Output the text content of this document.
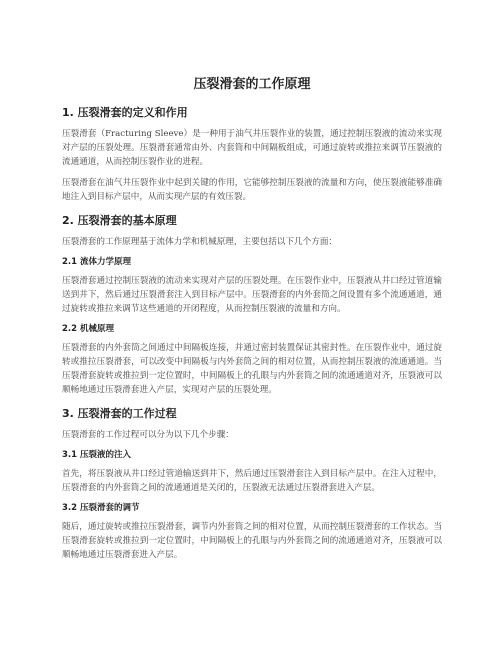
压裂滑套的工作原理
1. 压裂滑套的定义和作用

压裂滑套（Fracturing Sleeve）是一种用于油气井压裂作业的装置，通过控制压裂液的流动来实现对产层的压裂处理。压裂滑套通常由外、内套筒和中间隔板组成，可通过旋转或推拉来调节压裂液的流通通道，从而控制压裂作业的进程。

压裂滑套在油气井压裂作业中起到关键的作用，它能够控制压裂液的流量和方向，使压裂液能够准确地注入到目标产层中，从而实现产层的有效压裂。

2. 压裂滑套的基本原理

压裂滑套的工作原理基于流体力学和机械原理，主要包括以下几个方面：

2.1 流体力学原理

压裂滑套通过控制压裂液的流动来实现对产层的压裂处理。在压裂作业中，压裂液从井口经过管道输送到井下，然后通过压裂滑套注入到目标产层中。压裂滑套的内外套筒之间设置有多个流通通道，通过旋转或推拉来调节这些通道的开闭程度，从而控制压裂液的流量和方向。

2.2 机械原理

压裂滑套的内外套筒之间通过中间隔板连接，并通过密封装置保证其密封性。在压裂作业中，通过旋转或推拉压裂滑套，可以改变中间隔板与内外套筒之间的相对位置，从而控制压裂液的流通通道。当压裂滑套旋转或推拉到一定位置时，中间隔板上的孔眼与内外套筒之间的流通通道对齐，压裂液可以顺畅地通过压裂滑套进入产层，实现对产层的压裂处理。

3. 压裂滑套的工作过程

压裂滑套的工作过程可以分为以下几个步骤：

3.1 压裂液的注入

首先，将压裂液从井口经过管道输送到井下，然后通过压裂滑套注入到目标产层中。在注入过程中，压裂滑套的内外套筒之间的流通通道是关闭的，压裂液无法通过压裂滑套进入产层。

3.2 压裂滑套的调节

随后，通过旋转或推拉压裂滑套，调节内外套筒之间的相对位置，从而控制压裂滑套的工作状态。当压裂滑套旋转或推拉到一定位置时，中间隔板上的孔眼与内外套筒之间的流通通道对齐，压裂液可以顺畅地通过压裂滑套进入产层。
